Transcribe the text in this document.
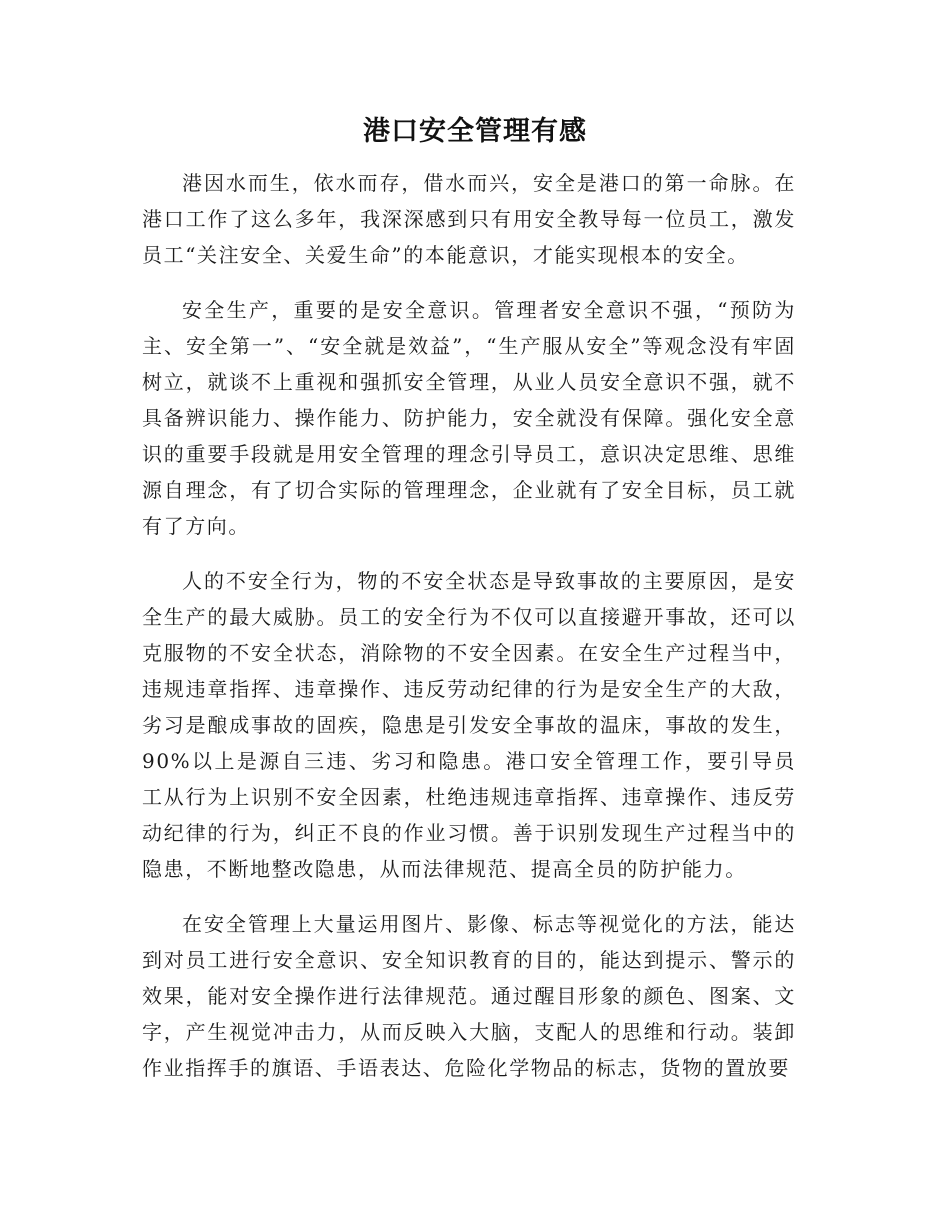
港口安全管理有感

港因水而生，依水而存，借水而兴，安全是港口的第一命脉。在港口工作了这么多年，我深深感到只有用安全教导每一位员工，激发员工“关注安全、关爱生命”的本能意识，才能实现根本的安全。

安全生产，重要的是安全意识。管理者安全意识不强，“预防为主、安全第一”、“安全就是效益”，“生产服从安全”等观念没有牢固树立，就谈不上重视和强抓安全管理，从业人员安全意识不强，就不具备辨识能力、操作能力、防护能力，安全就没有保障。强化安全意识的重要手段就是用安全管理的理念引导员工，意识决定思维、思维源自理念，有了切合实际的管理理念，企业就有了安全目标，员工就有了方向。

人的不安全行为，物的不安全状态是导致事故的主要原因，是安全生产的最大威胁。员工的安全行为不仅可以直接避开事故，还可以克服物的不安全状态，消除物的不安全因素。在安全生产过程当中，违规违章指挥、违章操作、违反劳动纪律的行为是安全生产的大敌，劣习是酿成事故的固疾，隐患是引发安全事故的温床，事故的发生，90%以上是源自三违、劣习和隐患。港口安全管理工作，要引导员工从行为上识别不安全因素，杜绝违规违章指挥、违章操作、违反劳动纪律的行为，纠正不良的作业习惯。善于识别发现生产过程当中的隐患，不断地整改隐患，从而法律规范、提高全员的防护能力。

在安全管理上大量运用图片、影像、标志等视觉化的方法，能达到对员工进行安全意识、安全知识教育的目的，能达到提示、警示的效果，能对安全操作进行法律规范。通过醒目形象的颜色、图案、文字，产生视觉冲击力，从而反映入大脑，支配人的思维和行动。装卸作业指挥手的旗语、手语表达、危险化学物品的标志，货物的置放要
